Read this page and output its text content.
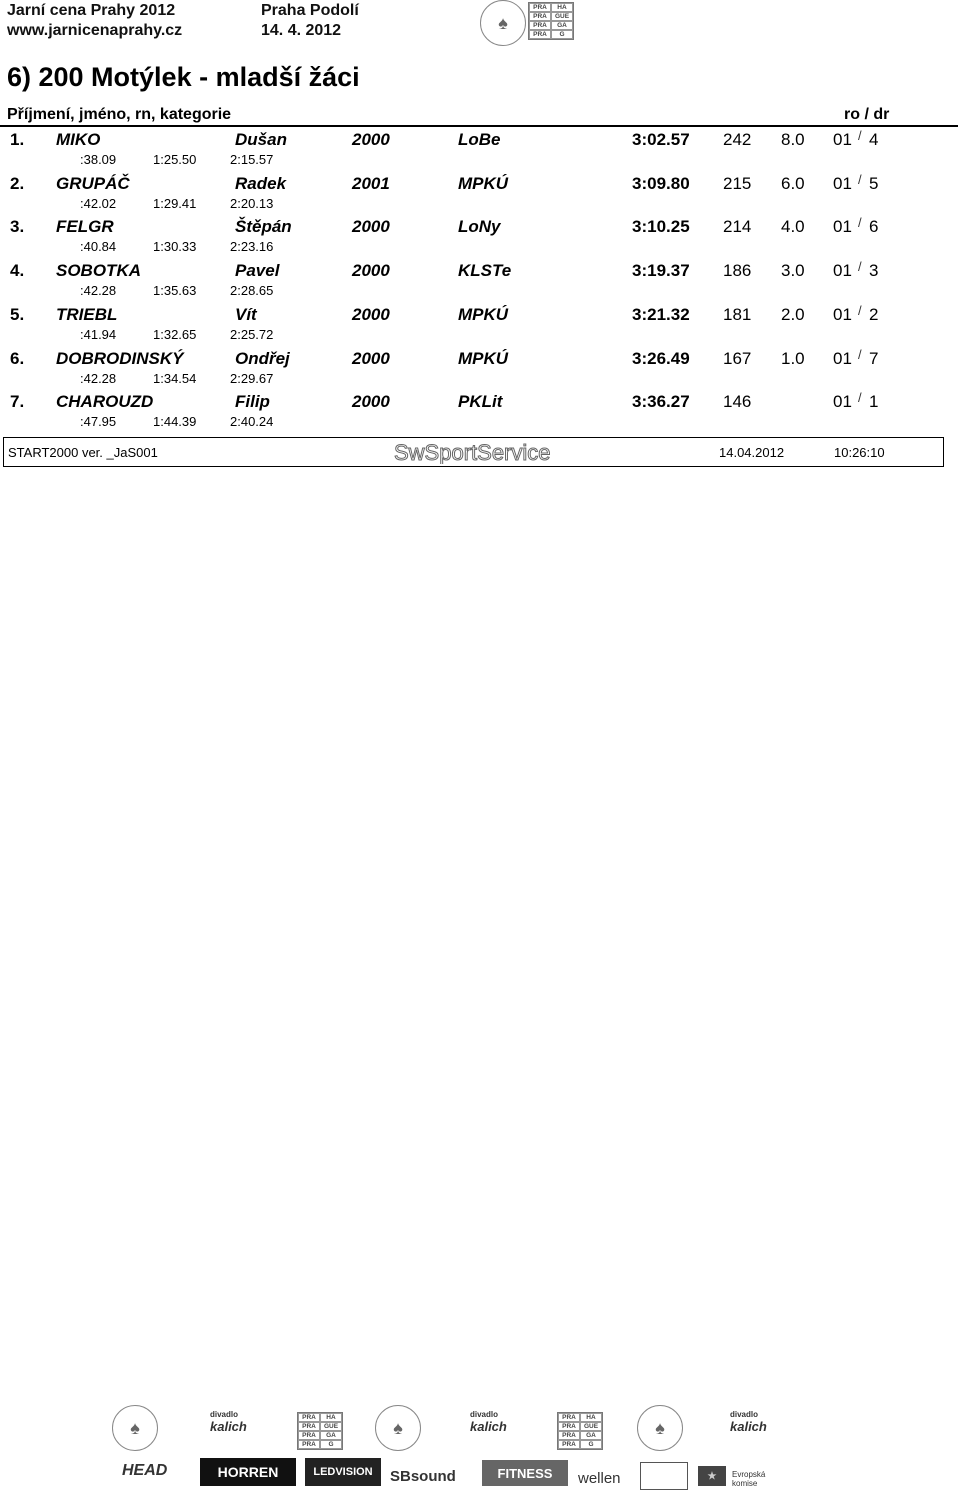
Jarní cena Prahy 2012
www.jarnicenaprahy.cz
Praha Podolí
14. 4. 2012	♠
PRA	HA
PRA	GUE
PRA	GA
PRA	G
6) 200 Motýlek - mladší žáci
Příjmení, jméno, rn, kategorie	ro / dr
1. MIKO	Dušan	2000	LoBe	3:02.57 242 8.0 01 / 4
:38.09	1:25.50	2:15.57
2. GRUPÁČ	Radek	2001	MPKÚ	3:09.80 215 6.0 01 / 5
:42.02	1:29.41	2:20.13
3. FELGR	Štěpán	2000	LoNy	3:10.25 214 4.0 01 / 6
:40.84	1:30.33	2:23.16
4. SOBOTKA	Pavel	2000	KLSTe	3:19.37 186 3.0 01 / 3
:42.28	1:35.63	2:28.65
5. TRIEBL	Vít	2000	MPKÚ	3:21.32 181 2.0 01 / 2
:41.94	1:32.65	2:25.72
6. DOBRODINSKÝ	Ondřej	2000	MPKÚ	3:26.49 167 1.0 01 / 7
:42.28	1:34.54	2:29.67
7. CHAROUZD	Filip	2000	PKLit	3:36.27 146	01 / 1
:47.95	1:44.39	2:40.24
START2000 ver. _JaS001	SwSportService	14.04.2012	10:26:10
♠
divadlo
kalich
PRA	HA
PRA	GUE
PRA	GA
PRA	G
♠
divadlo
kalich
PRA	HA
PRA	GUE
PRA	GA
PRA	G
♠
divadlo
kalich
HEAD	HORREN	LEDVISION	SBsound	FITNESS	wellen	★	Evropská komise
